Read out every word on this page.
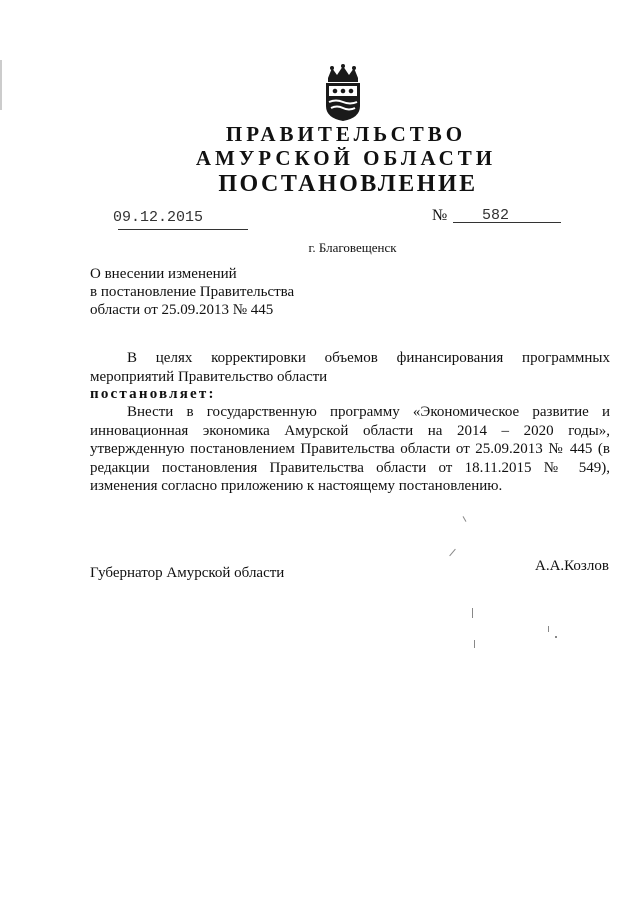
ПРАВИТЕЛЬСТВО
АМУРСКОЙ ОБЛАСТИ
ПОСТАНОВЛЕНИЕ
09.12.2015	№ 582
г. Благовещенск
О внесении изменений
в постановление Правительства
области от 25.09.2013 № 445
В целях корректировки объемов финансирования программных
мероприятий Правительство области
постановляет:
Внести в государственную программу «Экономическое развитие и
инновационная экономика Амурской области на 2014 – 2020 годы»,
утвержденную постановлением Правительства области от 25.09.2013 № 445 (в
редакции постановления Правительства области от 18.11.2015 № 549),
изменения согласно приложению к настоящему постановлению.
Губернатор Амурской области	А.А.Козлов
